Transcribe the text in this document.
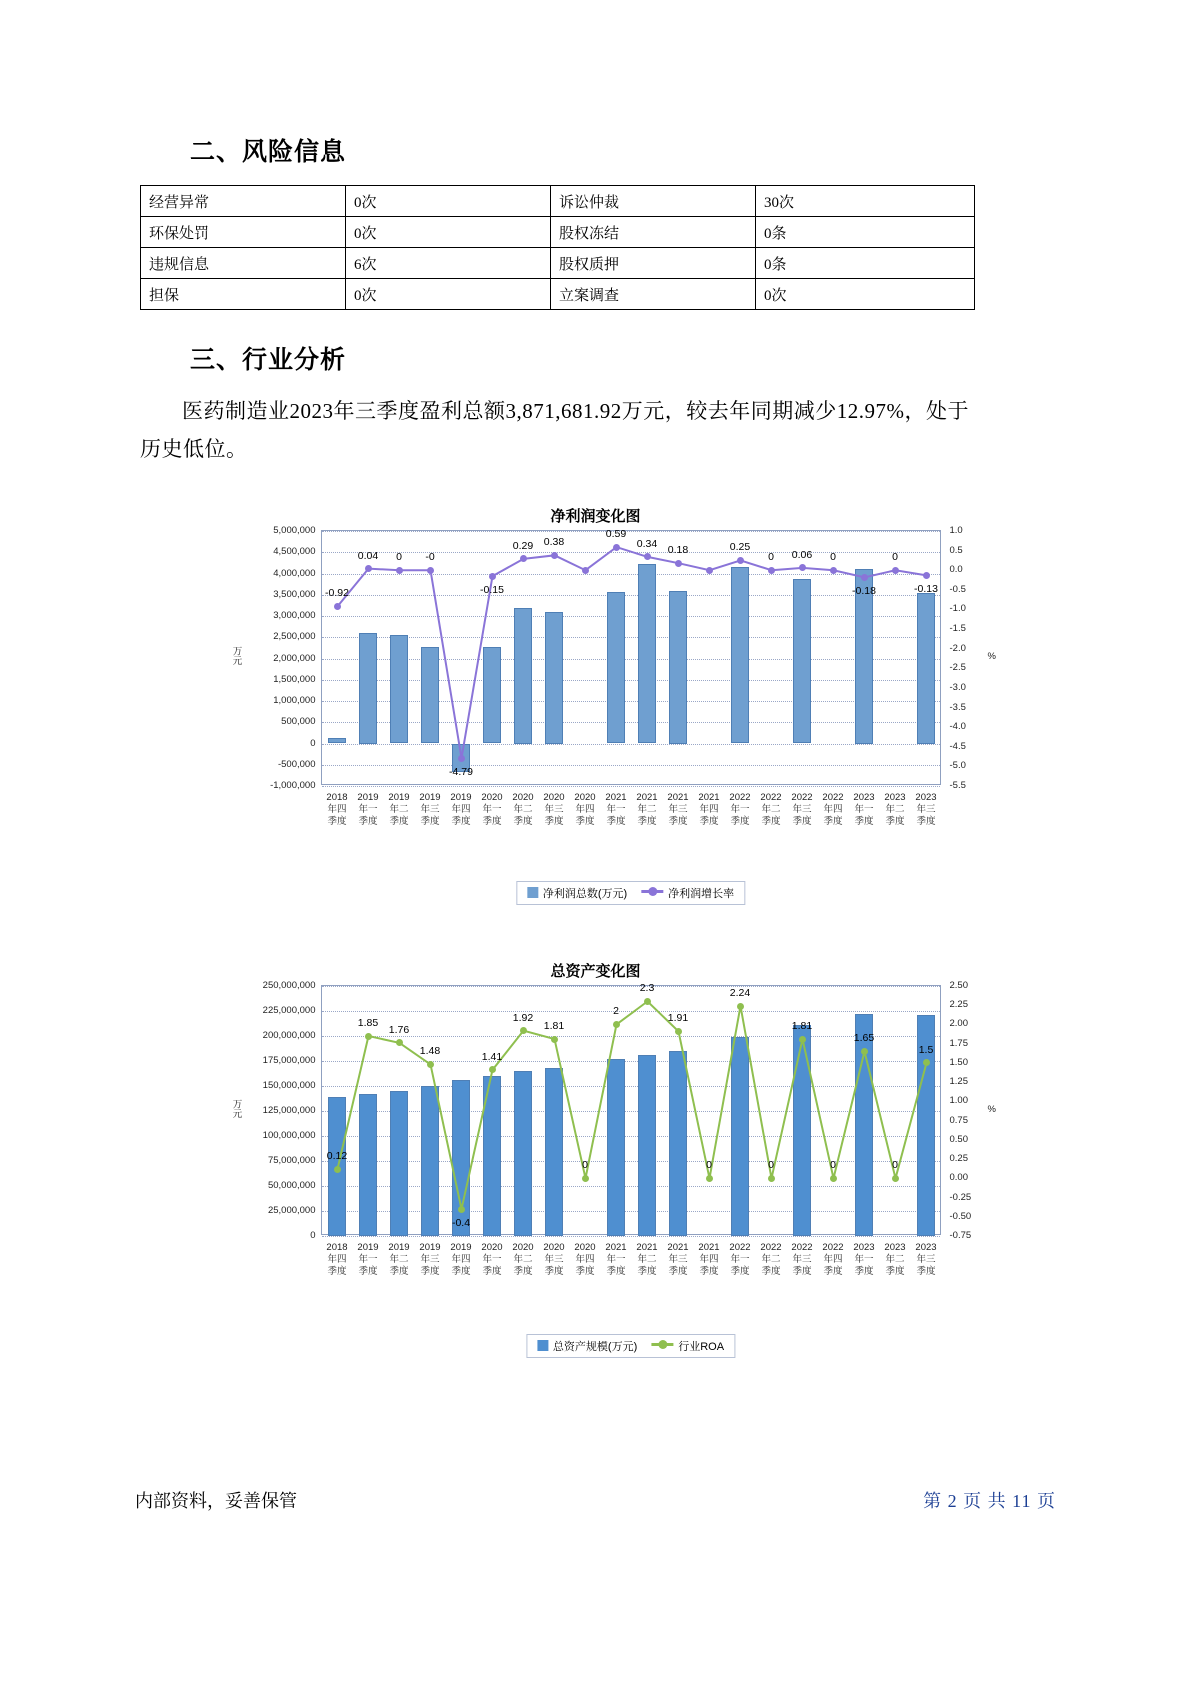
二、风险信息
经营异常	0次	诉讼仲裁	30次
环保处罚	0次	股权冻结	0条
违规信息	6次	股权质押	0条
担保	0次	立案调查	0次
三、行业分析
医药制造业2023年三季度盈利总额3,871,681.92万元，较去年同期减少12.97%，处于历史低位。
净利润变化图
5,000,000
4,500,000
4,000,000
3,500,000
3,000,000
2,500,000
2,000,000
1,500,000
1,000,000
500,000
0
-500,000
-1,000,000
1.0
0.5
0.0
-0.5
-1.0
-1.5
-2.0
-2.5
-3.0
-3.5
-4.0
-4.5
-5.0
-5.5
万元	%
-0.92
0.04 0 -0
-4.79
-0.15
0.29 0.38
0.59
0.34
0.18	0.25
0 0.06 0
-0.18
0
-0.13
2018年四季度
2019年一季度
2019年二季度
2019年三季度
2019年四季度
2020年一季度
2020年二季度
2020年三季度
2020年四季度
2021年一季度
2021年二季度
2021年三季度
2021年四季度
2022年一季度
2022年二季度
2022年三季度
2022年四季度
2023年一季度
2023年二季度
2023年三季度
净利润总数(万元)	净利润增长率
总资产变化图
250,000,000
225,000,000
200,000,000
175,000,000
150,000,000
125,000,000
100,000,000
75,000,000
50,000,000
25,000,000
0
2.50
2.25
2.00
1.75
1.50
1.25
1.00
0.75
0.50
0.25
0.00
-0.25
-0.50
-0.75
万元	%
0.12
1.85
1.76
1.48
-0.4
1.41
1.92
1.81
0
2
2.3
1.91
0
2.24
0
1.81
0
1.65
0
1.5
2018年四季度
2019年一季度
2019年二季度
2019年三季度
2019年四季度
2020年一季度
2020年二季度
2020年三季度
2020年四季度
2021年一季度
2021年二季度
2021年三季度
2021年四季度
2022年一季度
2022年二季度
2022年三季度
2022年四季度
2023年一季度
2023年二季度
2023年三季度
总资产规模(万元)	行业ROA
内部资料，妥善保管	第 2 页 共 11 页
